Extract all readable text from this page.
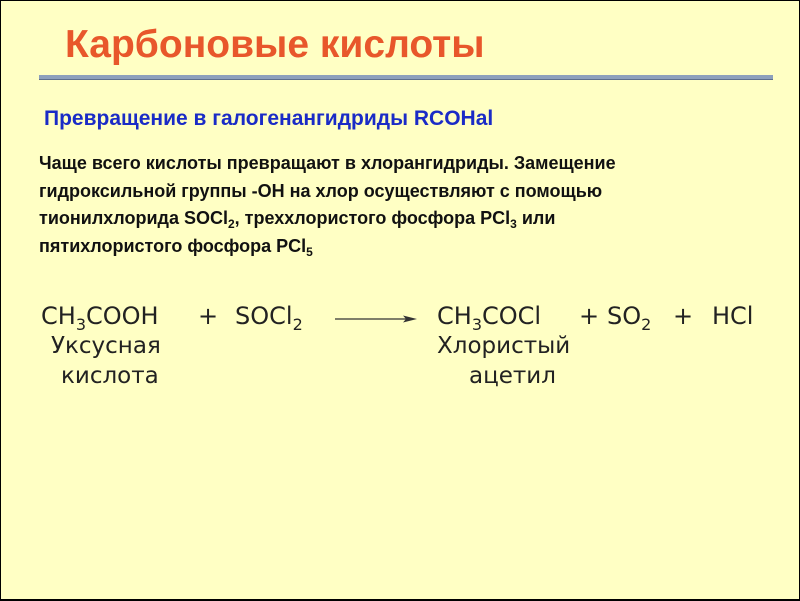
Карбоновые кислоты
Превращение в галогенангидриды RCOHal
Чаще всего кислоты превращают в хлорангидриды. Замещение
гидроксильной группы -OH на хлор осуществляют с помощью
тионилхлорида SOCl$_2$, треххлористого фосфора PCl$_3$ или
пятихлористого фосфора PCl$_5$
$CH_3COOH$ + SOCl$_2$	$CH_3COCl + SO_2$ + HCl
Уксусная
кислота
Хлористый
ацетил
